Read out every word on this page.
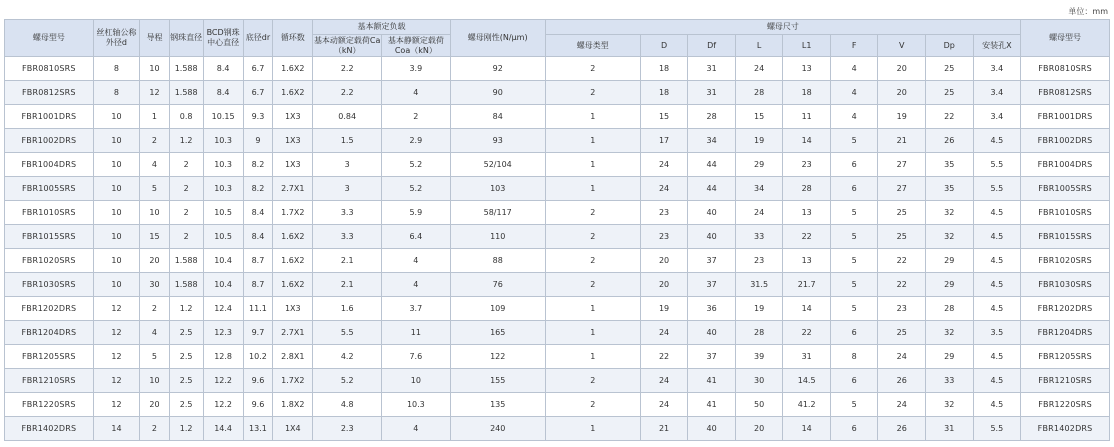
单位：mm
螺母型号	丝杠轴公称外径d	导程	钢珠直径	BCD钢珠中心直径	底径dr	循环数	基本额定负载		螺母刚性(N/μm)	螺母尺寸									螺母型号
							基本动额定载荷Ca（kN）	基本静额定载荷Coa（kN）		螺母类型	D	Df	L	L1	F	V	Dp	安装孔X	
FBR0810SRS	8	10	1.588	8.4	6.7	1.6X2	2.2	3.9	92	2	18	31	24	13	4	20	25	3.4	FBR0810SRS
FBR0812SRS	8	12	1.588	8.4	6.7	1.6X2	2.2	4	90	2	18	31	28	18	4	20	25	3.4	FBR0812SRS
FBR1001DRS	10	1	0.8	10.15	9.3	1X3	0.84	2	84	1	15	28	15	11	4	19	22	3.4	FBR1001DRS
FBR1002DRS	10	2	1.2	10.3	9	1X3	1.5	2.9	93	1	17	34	19	14	5	21	26	4.5	FBR1002DRS
FBR1004DRS	10	4	2	10.3	8.2	1X3	3	5.2	52/104	1	24	44	29	23	6	27	35	5.5	FBR1004DRS
FBR1005SRS	10	5	2	10.3	8.2	2.7X1	3	5.2	103	1	24	44	34	28	6	27	35	5.5	FBR1005SRS
FBR1010SRS	10	10	2	10.5	8.4	1.7X2	3.3	5.9	58/117	2	23	40	24	13	5	25	32	4.5	FBR1010SRS
FBR1015SRS	10	15	2	10.5	8.4	1.6X2	3.3	6.4	110	2	23	40	33	22	5	25	32	4.5	FBR1015SRS
FBR1020SRS	10	20	1.588	10.4	8.7	1.6X2	2.1	4	88	2	20	37	23	13	5	22	29	4.5	FBR1020SRS
FBR1030SRS	10	30	1.588	10.4	8.7	1.6X2	2.1	4	76	2	20	37	31.5	21.7	5	22	29	4.5	FBR1030SRS
FBR1202DRS	12	2	1.2	12.4	11.1	1X3	1.6	3.7	109	1	19	36	19	14	5	23	28	4.5	FBR1202DRS
FBR1204DRS	12	4	2.5	12.3	9.7	2.7X1	5.5	11	165	1	24	40	28	22	6	25	32	3.5	FBR1204DRS
FBR1205SRS	12	5	2.5	12.8	10.2	2.8X1	4.2	7.6	122	1	22	37	39	31	8	24	29	4.5	FBR1205SRS
FBR1210SRS	12	10	2.5	12.2	9.6	1.7X2	5.2	10	155	2	24	41	30	14.5	6	26	33	4.5	FBR1210SRS
FBR1220SRS	12	20	2.5	12.2	9.6	1.8X2	4.8	10.3	135	2	24	41	50	41.2	5	24	32	4.5	FBR1220SRS
FBR1402DRS	14	2	1.2	14.4	13.1	1X4	2.3	4	240	1	21	40	20	14	6	26	31	5.5	FBR1402DRS
